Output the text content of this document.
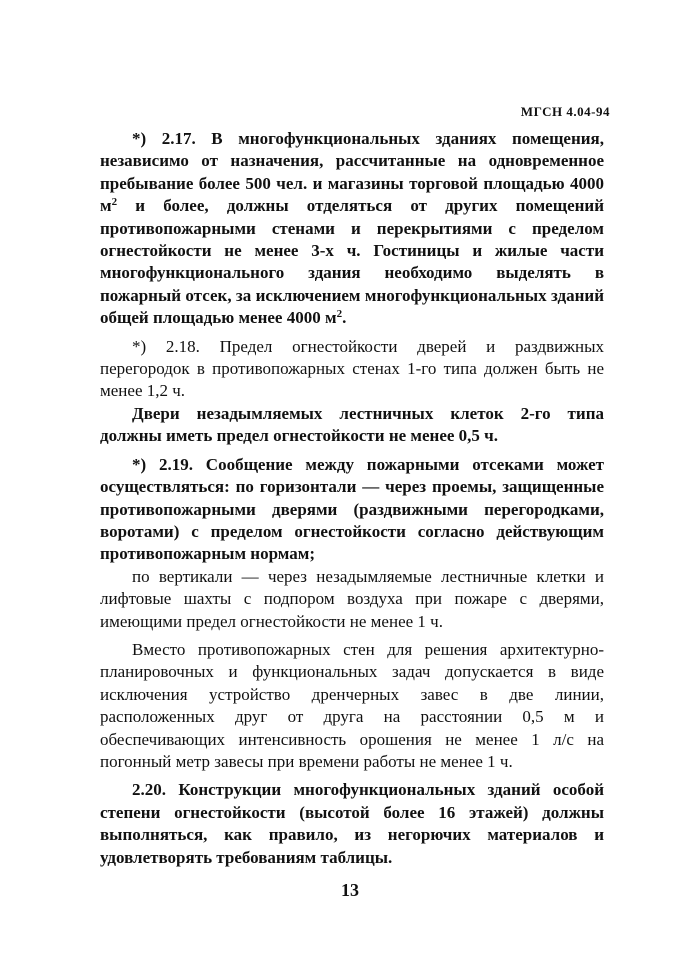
МГСН 4.04-94

*) 2.17. В многофункциональных зданиях помещения, независимо от назначения, рассчитанные на одновременное пребывание более 500 чел. и магазины торговой площадью 4000 $м^2$ и более, должны отделяться от других помещений противопожарными стенами и перекрытиями с пределом огнестойкости не менее 3-х ч. Гостиницы и жилые части многофункционального здания необходимо выделять в пожарный отсек, за исключением многофункциональных зданий общей площадью менее 4000 $м^2$.

*) 2.18. Предел огнестойкости дверей и раздвижных перегородок в противопожарных стенах 1-го типа должен быть не менее 1,2 ч.

Двери незадымляемых лестничных клеток 2-го типа должны иметь предел огнестойкости не менее 0,5 ч.

*) 2.19. Сообщение между пожарными отсеками может осуществляться: по горизонтали — через проемы, защищенные противопожарными дверями (раздвижными перегородками, воротами) с пределом огнестойкости согласно действующим противопожарным нормам;

по вертикали — через незадымляемые лестничные клетки и лифтовые шахты с подпором воздуха при пожаре с дверями, имеющими предел огнестойкости не менее 1 ч.

Вместо противопожарных стен для решения архитектурно-планировочных и функциональных задач допускается в виде исключения устройство дренчерных завес в две линии, расположенных друг от друга на расстоянии 0,5 м и обеспечивающих интенсивность орошения не менее 1 л/с на погонный метр завесы при времени работы не менее 1 ч.

2.20. Конструкции многофункциональных зданий особой степени огнестойкости (высотой более 16 этажей) должны выполняться, как правило, из негорючих материалов и удовлетворять требованиям таблицы.

13
